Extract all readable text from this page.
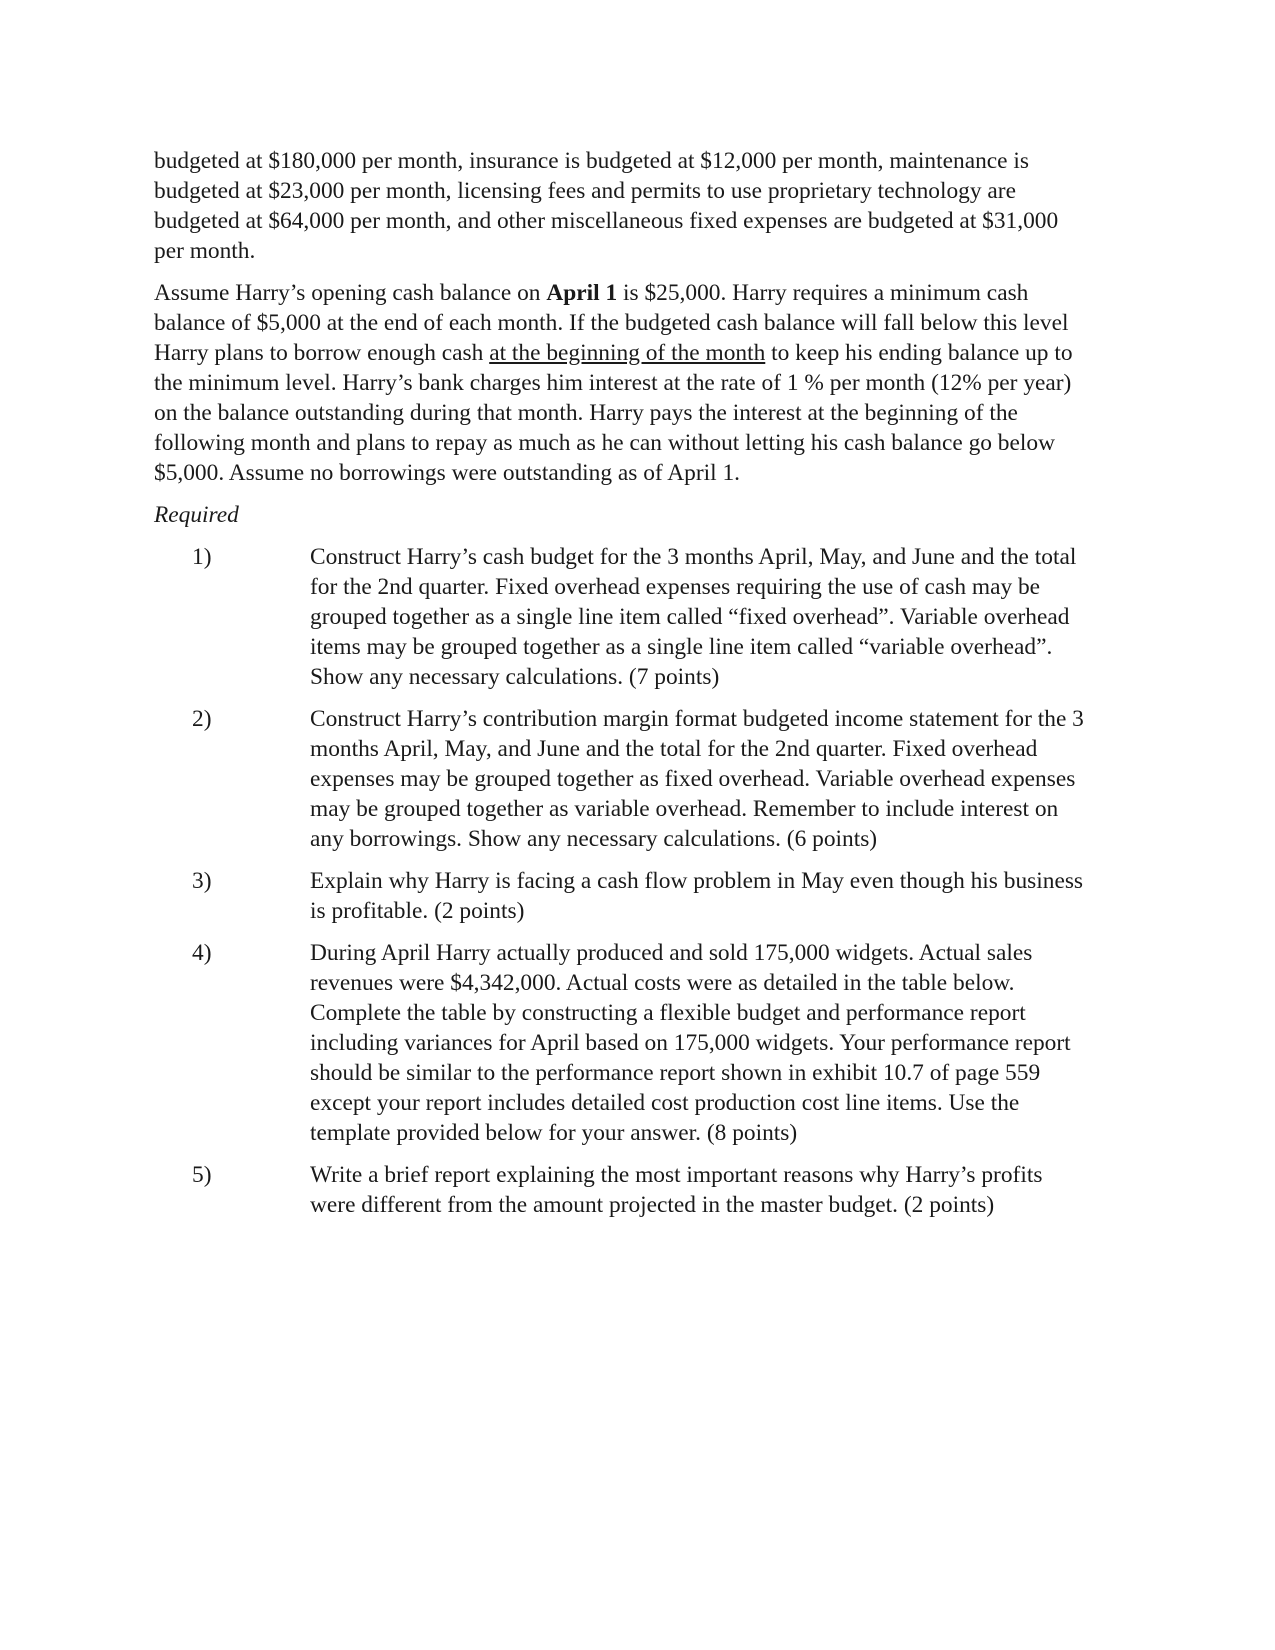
budgeted at $180,000 per month, insurance is budgeted at $12,000 per month, maintenance is budgeted at $23,000 per month, licensing fees and permits to use proprietary technology are budgeted at $64,000 per month, and other miscellaneous fixed expenses are budgeted at $31,000 per month.

Assume Harry’s opening cash balance on April 1 is $25,000. Harry requires a minimum cash balance of $5,000 at the end of each month. If the budgeted cash balance will fall below this level Harry plans to borrow enough cash at the beginning of the month to keep his ending balance up to the minimum level. Harry’s bank charges him interest at the rate of 1 % per month (12% per year) on the balance outstanding during that month. Harry pays the interest at the beginning of the following month and plans to repay as much as he can without letting his cash balance go below $5,000. Assume no borrowings were outstanding as of April 1.

Required

1)	Construct Harry’s cash budget for the 3 months April, May, and June and the total for the 2nd quarter. Fixed overhead expenses requiring the use of cash may be grouped together as a single line item called “fixed overhead”. Variable overhead items may be grouped together as a single line item called “variable overhead”. Show any necessary calculations. (7 points)
2)	Construct Harry’s contribution margin format budgeted income statement for the 3 months April, May, and June and the total for the 2nd quarter. Fixed overhead expenses may be grouped together as fixed overhead. Variable overhead expenses may be grouped together as variable overhead. Remember to include interest on any borrowings. Show any necessary calculations. (6 points)
3)	Explain why Harry is facing a cash flow problem in May even though his business is profitable. (2 points)
4)	During April Harry actually produced and sold 175,000 widgets. Actual sales revenues were $4,342,000. Actual costs were as detailed in the table below. Complete the table by constructing a flexible budget and performance report including variances for April based on 175,000 widgets. Your performance report should be similar to the performance report shown in exhibit 10.7 of page 559 except your report includes detailed cost production cost line items. Use the template provided below for your answer. (8 points)
5)	Write a brief report explaining the most important reasons why Harry’s profits were different from the amount projected in the master budget. (2 points)
